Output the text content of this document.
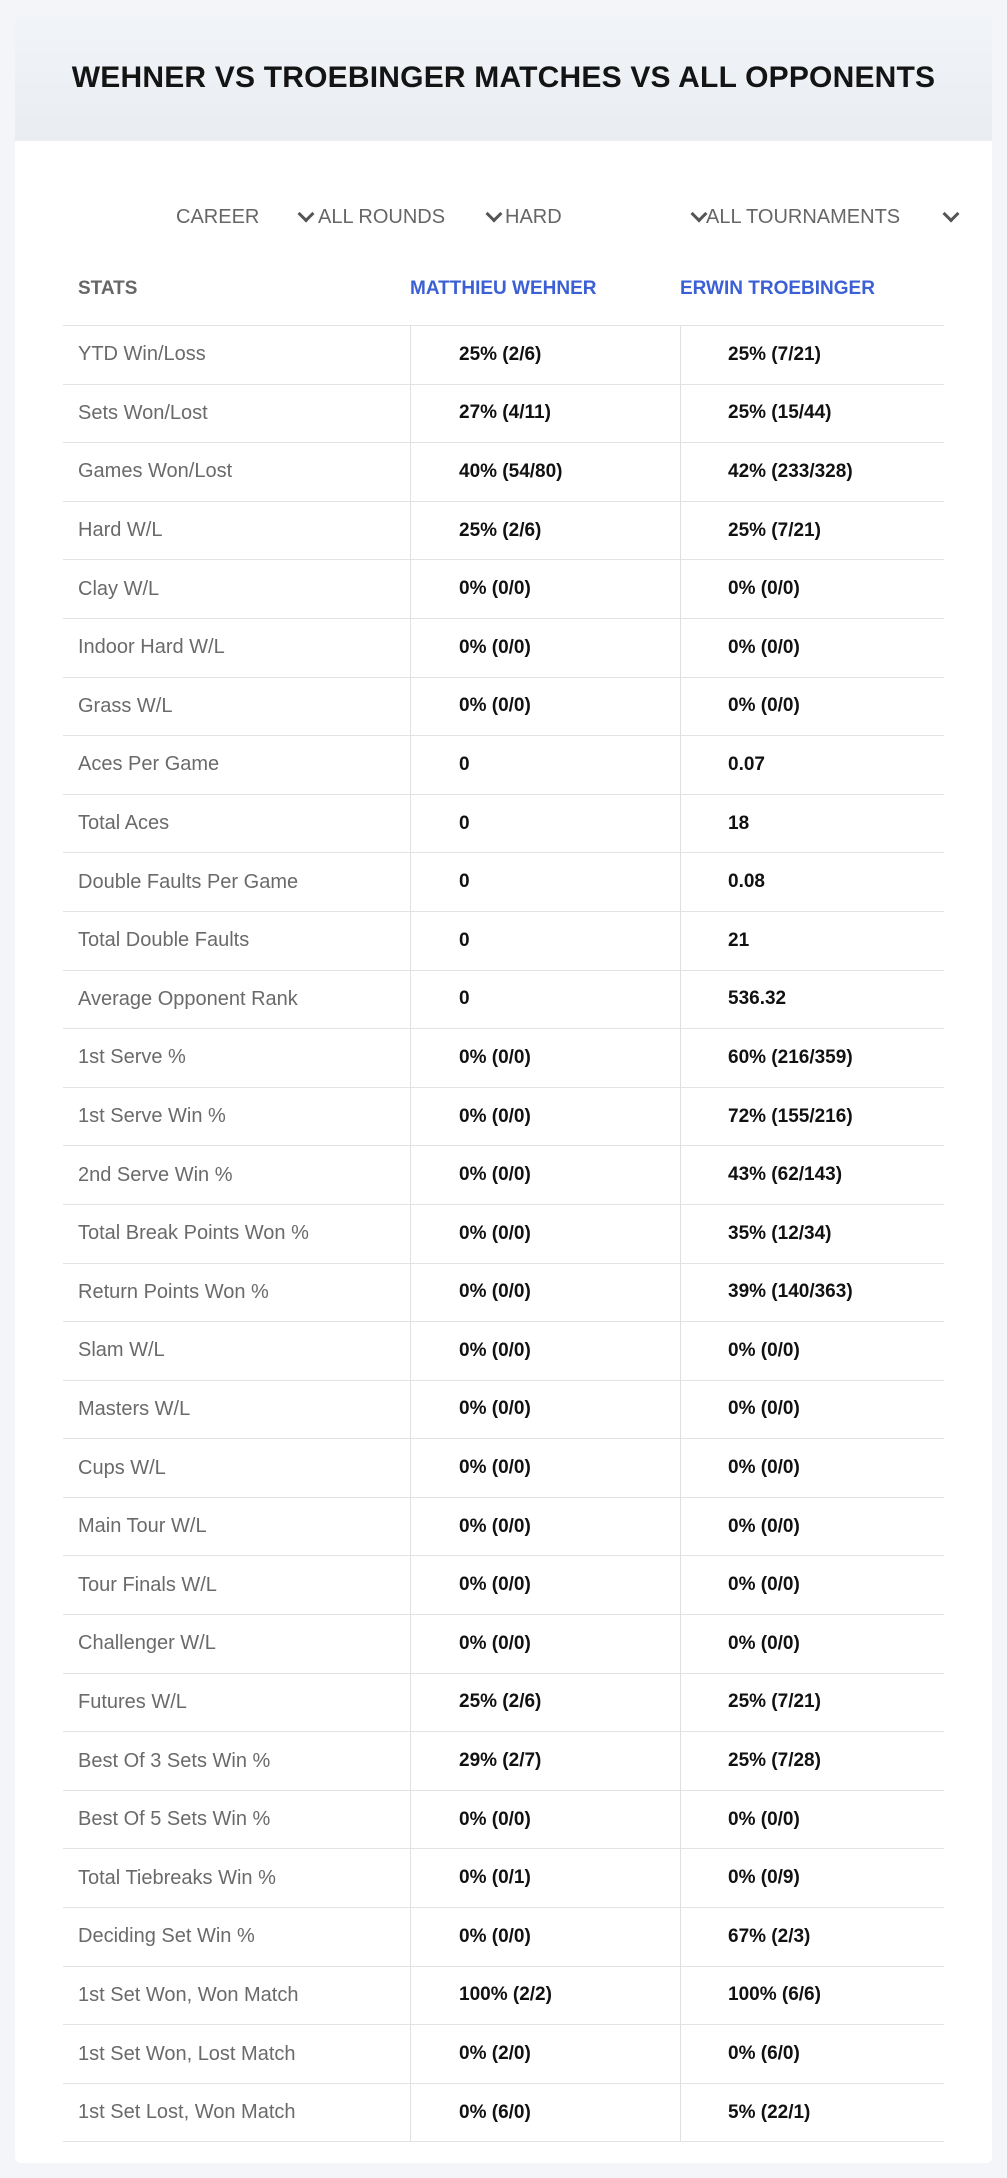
WEHNER VS TROEBINGER MATCHES VS ALL OPPONENTS
CAREER	ALL ROUNDS	HARD	ALL TOURNAMENTS
STATS	MATTHIEU WEHNER	ERWIN TROEBINGER
YTD Win/Loss	25% (2/6)	25% (7/21)
Sets Won/Lost	27% (4/11)	25% (15/44)
Games Won/Lost	40% (54/80)	42% (233/328)
Hard W/L	25% (2/6)	25% (7/21)
Clay W/L	0% (0/0)	0% (0/0)
Indoor Hard W/L	0% (0/0)	0% (0/0)
Grass W/L	0% (0/0)	0% (0/0)
Aces Per Game	0	0.07
Total Aces	0	18
Double Faults Per Game	0	0.08
Total Double Faults	0	21
Average Opponent Rank	0	536.32
1st Serve %	0% (0/0)	60% (216/359)
1st Serve Win %	0% (0/0)	72% (155/216)
2nd Serve Win %	0% (0/0)	43% (62/143)
Total Break Points Won %	0% (0/0)	35% (12/34)
Return Points Won %	0% (0/0)	39% (140/363)
Slam W/L	0% (0/0)	0% (0/0)
Masters W/L	0% (0/0)	0% (0/0)
Cups W/L	0% (0/0)	0% (0/0)
Main Tour W/L	0% (0/0)	0% (0/0)
Tour Finals W/L	0% (0/0)	0% (0/0)
Challenger W/L	0% (0/0)	0% (0/0)
Futures W/L	25% (2/6)	25% (7/21)
Best Of 3 Sets Win %	29% (2/7)	25% (7/28)
Best Of 5 Sets Win %	0% (0/0)	0% (0/0)
Total Tiebreaks Win %	0% (0/1)	0% (0/9)
Deciding Set Win %	0% (0/0)	67% (2/3)
1st Set Won, Won Match	100% (2/2)	100% (6/6)
1st Set Won, Lost Match	0% (2/0)	0% (6/0)
1st Set Lost, Won Match	0% (6/0)	5% (22/1)
